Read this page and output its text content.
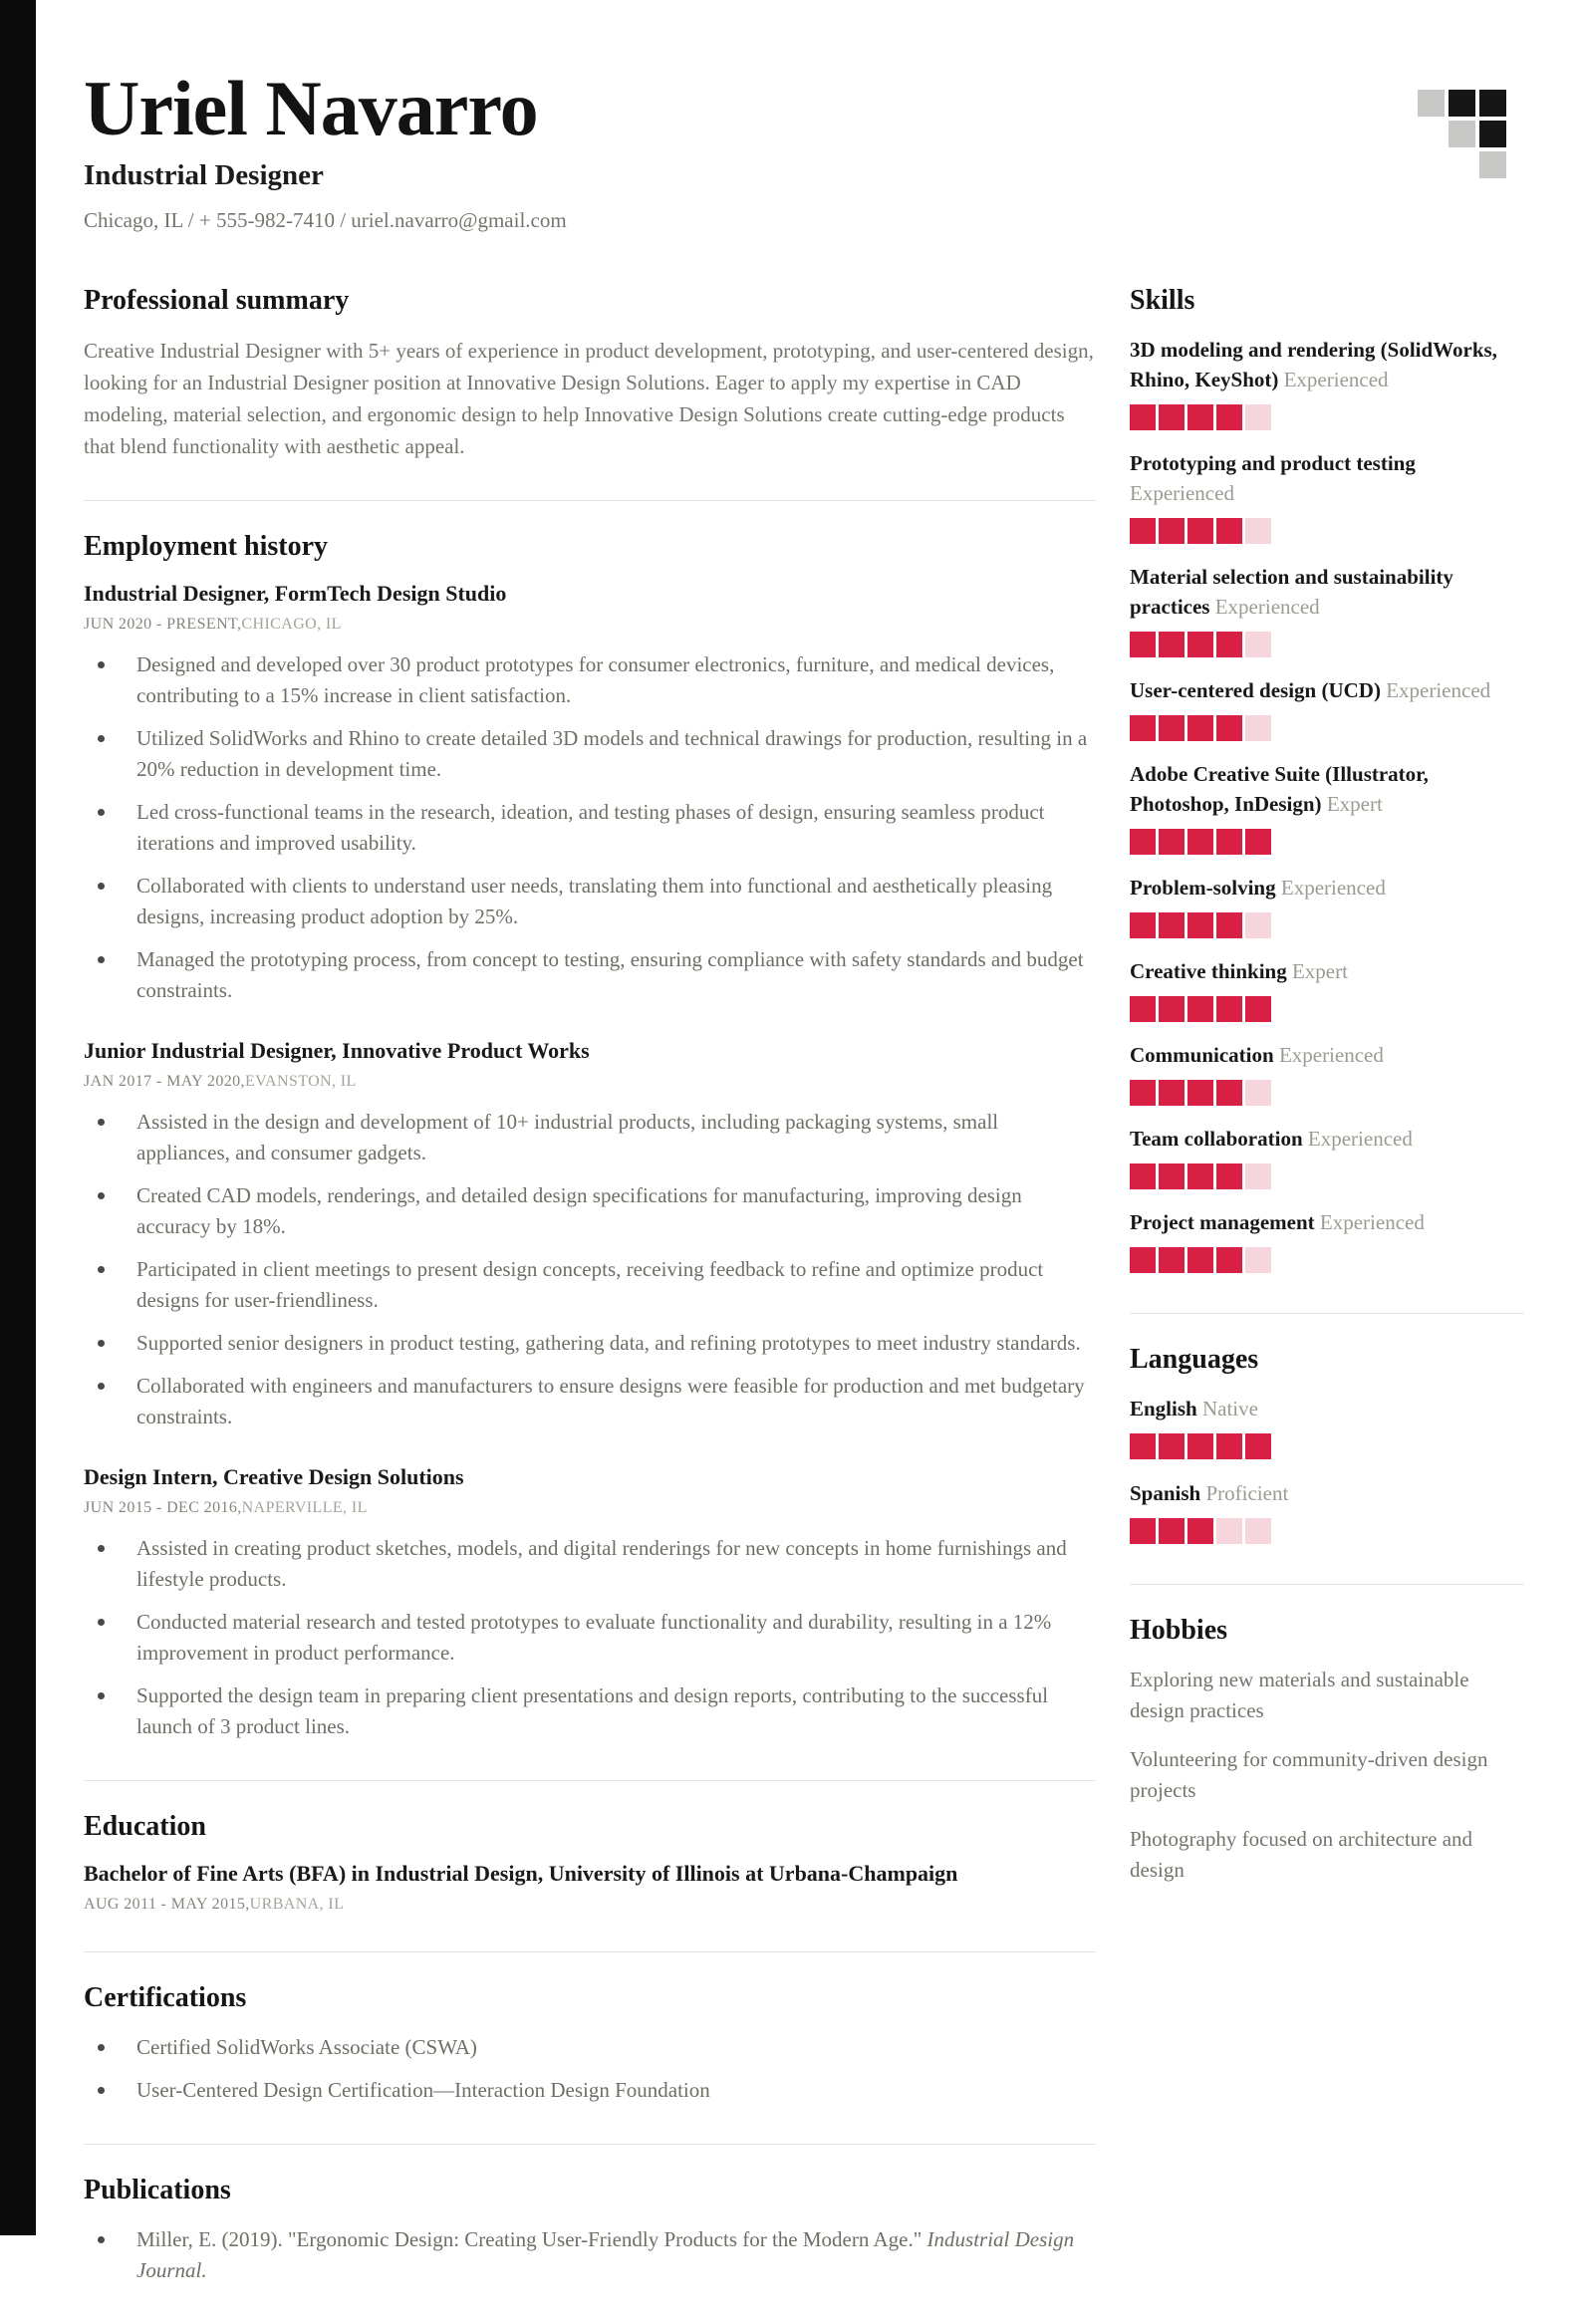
Uriel Navarro
Industrial Designer
Chicago, IL / + 555-982-7410 / uriel.navarro@gmail.com
Professional summary

Creative Industrial Designer with 5+ years of experience in product development, prototyping, and user-centered design, looking for an Industrial Designer position at Innovative Design Solutions. Eager to apply my expertise in CAD modeling, material selection, and ergonomic design to help Innovative Design Solutions create cutting-edge products that blend functionality with aesthetic appeal.

Employment history
Industrial Designer, FormTech Design Studio
JUN 2020 - PRESENT,CHICAGO, IL
Designed and developed over 30 product prototypes for consumer electronics, furniture, and medical devices, contributing to a 15% increase in client satisfaction.
Utilized SolidWorks and Rhino to create detailed 3D models and technical drawings for production, resulting in a 20% reduction in development time.
Led cross-functional teams in the research, ideation, and testing phases of design, ensuring seamless product iterations and improved usability.
Collaborated with clients to understand user needs, translating them into functional and aesthetically pleasing designs, increasing product adoption by 25%.
Managed the prototyping process, from concept to testing, ensuring compliance with safety standards and budget constraints.
Junior Industrial Designer, Innovative Product Works
JAN 2017 - MAY 2020,EVANSTON, IL
Assisted in the design and development of 10+ industrial products, including packaging systems, small appliances, and consumer gadgets.
Created CAD models, renderings, and detailed design specifications for manufacturing, improving design accuracy by 18%.
Participated in client meetings to present design concepts, receiving feedback to refine and optimize product designs for user-friendliness.
Supported senior designers in product testing, gathering data, and refining prototypes to meet industry standards.
Collaborated with engineers and manufacturers to ensure designs were feasible for production and met budgetary constraints.
Design Intern, Creative Design Solutions
JUN 2015 - DEC 2016,NAPERVILLE, IL
Assisted in creating product sketches, models, and digital renderings for new concepts in home furnishings and lifestyle products.
Conducted material research and tested prototypes to evaluate functionality and durability, resulting in a 12% improvement in product performance.
Supported the design team in preparing client presentations and design reports, contributing to the successful launch of 3 product lines.
Education
Bachelor of Fine Arts (BFA) in Industrial Design, University of Illinois at Urbana-Champaign
AUG 2011 - MAY 2015,URBANA, IL
Certifications
Certified SolidWorks Associate (CSWA)
User-Centered Design Certification—Interaction Design Foundation
Publications
Miller, E. (2019). "Ergonomic Design: Creating User-Friendly Products for the Modern Age." Industrial Design Journal.
Skills
3D modeling and rendering (SolidWorks, Rhino, KeyShot) Experienced
Prototyping and product testing Experienced
Material selection and sustainability practices Experienced
User-centered design (UCD) Experienced
Adobe Creative Suite (Illustrator, Photoshop, InDesign) Expert
Problem-solving Experienced
Creative thinking Expert
Communication Experienced
Team collaboration Experienced
Project management Experienced
Languages
English Native
Spanish Proficient
Hobbies

Exploring new materials and sustainable design practices

Volunteering for community-driven design projects

Photography focused on architecture and design
